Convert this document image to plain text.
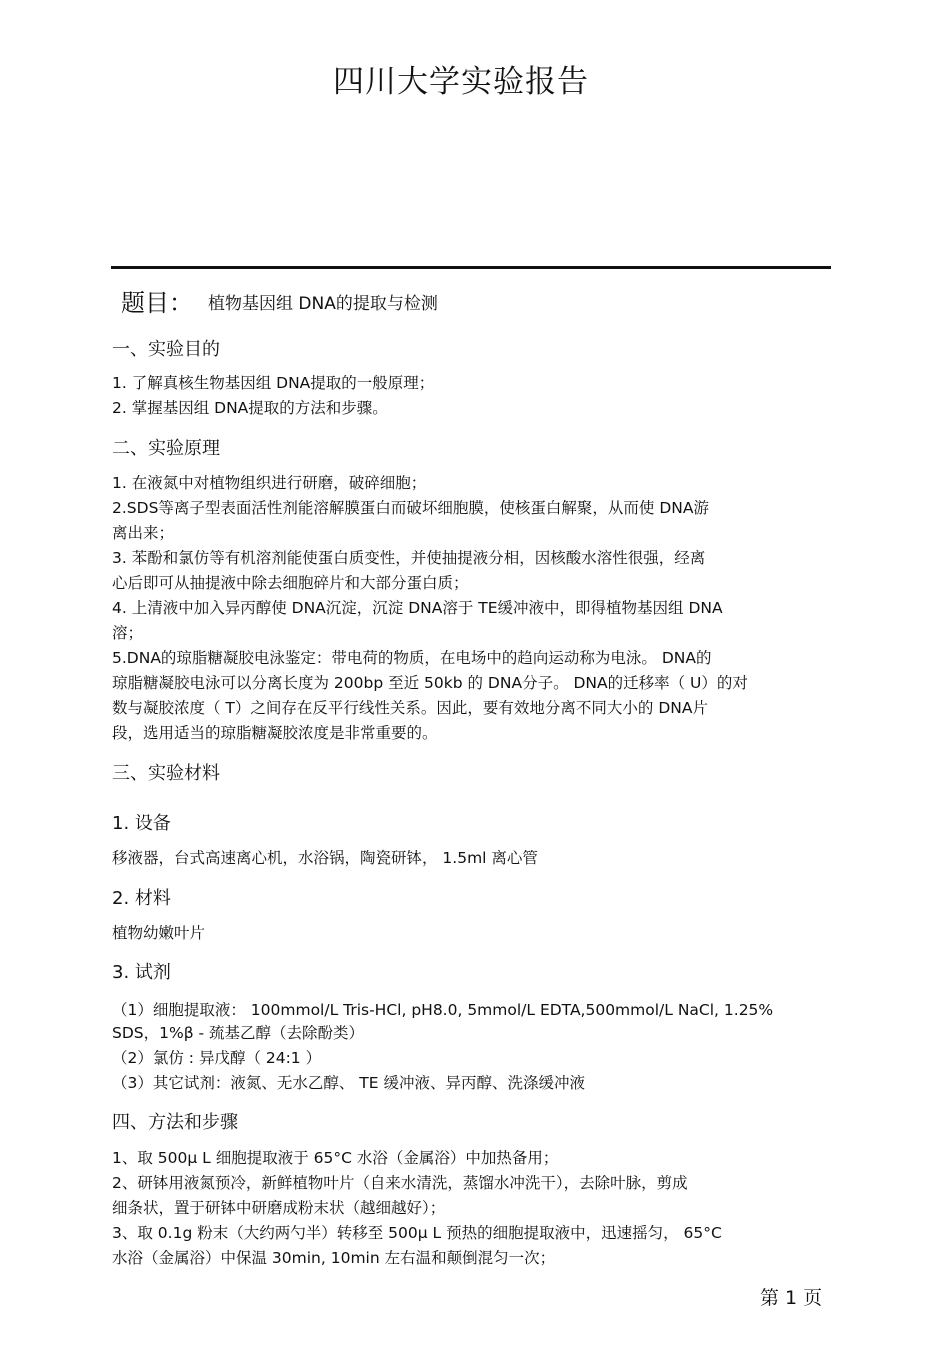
四川大学实验报告
题目： 植物基因组 DNA的提取与检测
一、实验目的
1. 了解真核生物基因组 DNA提取的一般原理；
2. 掌握基因组 DNA提取的方法和步骤。
二、实验原理
1. 在液氮中对植物组织进行研磨，破碎细胞；
2.SDS等离子型表面活性剂能溶解膜蛋白而破坏细胞膜，使核蛋白解聚，从而使 DNA游
离出来；
3. 苯酚和氯仿等有机溶剂能使蛋白质变性，并使抽提液分相，因核酸水溶性很强，经离
心后即可从抽提液中除去细胞碎片和大部分蛋白质；
4. 上清液中加入异丙醇使 DNA沉淀，沉淀 DNA溶于 TE缓冲液中，即得植物基因组 DNA
溶；
5.DNA的琼脂糖凝胶电泳鉴定：带电荷的物质，在电场中的趋向运动称为电泳。 DNA的
琼脂糖凝胶电泳可以分离长度为 200bp 至近 50kb 的 DNA分子。 DNA的迁移率（ U）的对
数与凝胶浓度（ T）之间存在反平行线性关系。因此，要有效地分离不同大小的 DNA片
段，选用适当的琼脂糖凝胶浓度是非常重要的。
三、实验材料
1. 设备
移液器，台式高速离心机，水浴锅，陶瓷研钵， 1.5ml 离心管
2. 材料
植物幼嫩叶片
3. 试剂
（1）细胞提取液： 100mmol/L Tris-HCl, pH8.0, 5mmol/L EDTA,500mmol/L NaCl, 1.25%
SDS，1%β - 巯基乙醇（去除酚类）
（2）氯仿 : 异戊醇（ 24:1 ）
（3）其它试剂：液氮、无水乙醇、 TE 缓冲液、异丙醇、洗涤缓冲液
四、方法和步骤
1、取 500μ L 细胞提取液于 65°C 水浴（金属浴）中加热备用；
2、研钵用液氮预冷，新鲜植物叶片（自来水清洗，蒸馏水冲洗干），去除叶脉，剪成
细条状，置于研钵中研磨成粉末状（越细越好）；
3、取 0.1g 粉末（大约两勺半）转移至 500μ L 预热的细胞提取液中，迅速摇匀， 65°C
水浴（金属浴）中保温 30min, 10min 左右温和颠倒混匀一次；
第 1 页
